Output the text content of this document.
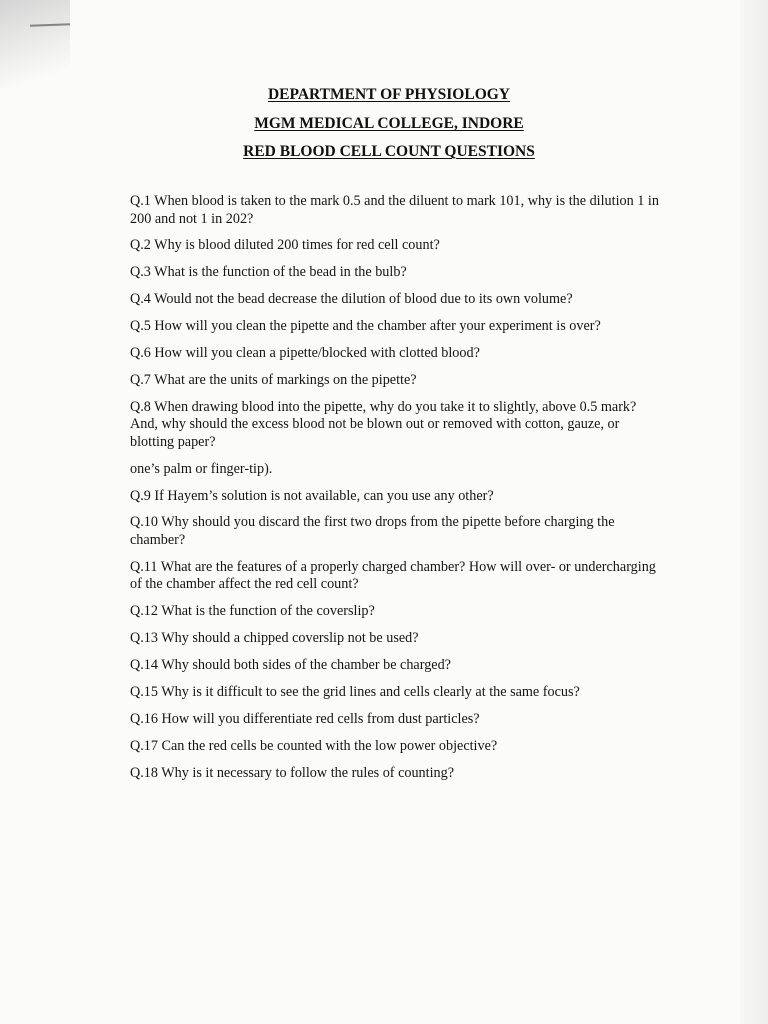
DEPARTMENT OF PHYSIOLOGY
MGM MEDICAL COLLEGE, INDORE
RED BLOOD CELL COUNT QUESTIONS

Q.1 When blood is taken to the mark 0.5 and the diluent to mark 101, why is the dilution 1 in 200 and not 1 in 202?

Q.2 Why is blood diluted 200 times for red cell count?

Q.3 What is the function of the bead in the bulb?

Q.4 Would not the bead decrease the dilution of blood due to its own volume?

Q.5 How will you clean the pipette and the chamber after your experiment is over?

Q.6 How will you clean a pipette/blocked with clotted blood?

Q.7 What are the units of markings on the pipette?

Q.8 When drawing blood into the pipette, why do you take it to slightly, above 0.5 mark? And, why should the excess blood not be blown out or removed with cotton, gauze, or blotting paper?

one’s palm or finger-tip).

Q.9 If Hayem’s solution is not available, can you use any other?

Q.10 Why should you discard the first two drops from the pipette before charging the chamber?

Q.11 What are the features of a properly charged chamber? How will over- or undercharging of the chamber affect the red cell count?

Q.12 What is the function of the coverslip?

Q.13 Why should a chipped coverslip not be used?

Q.14 Why should both sides of the chamber be charged?

Q.15 Why is it difficult to see the grid lines and cells clearly at the same focus?

Q.16 How will you differentiate red cells from dust particles?

Q.17 Can the red cells be counted with the low power objective?

Q.18 Why is it necessary to follow the rules of counting?
